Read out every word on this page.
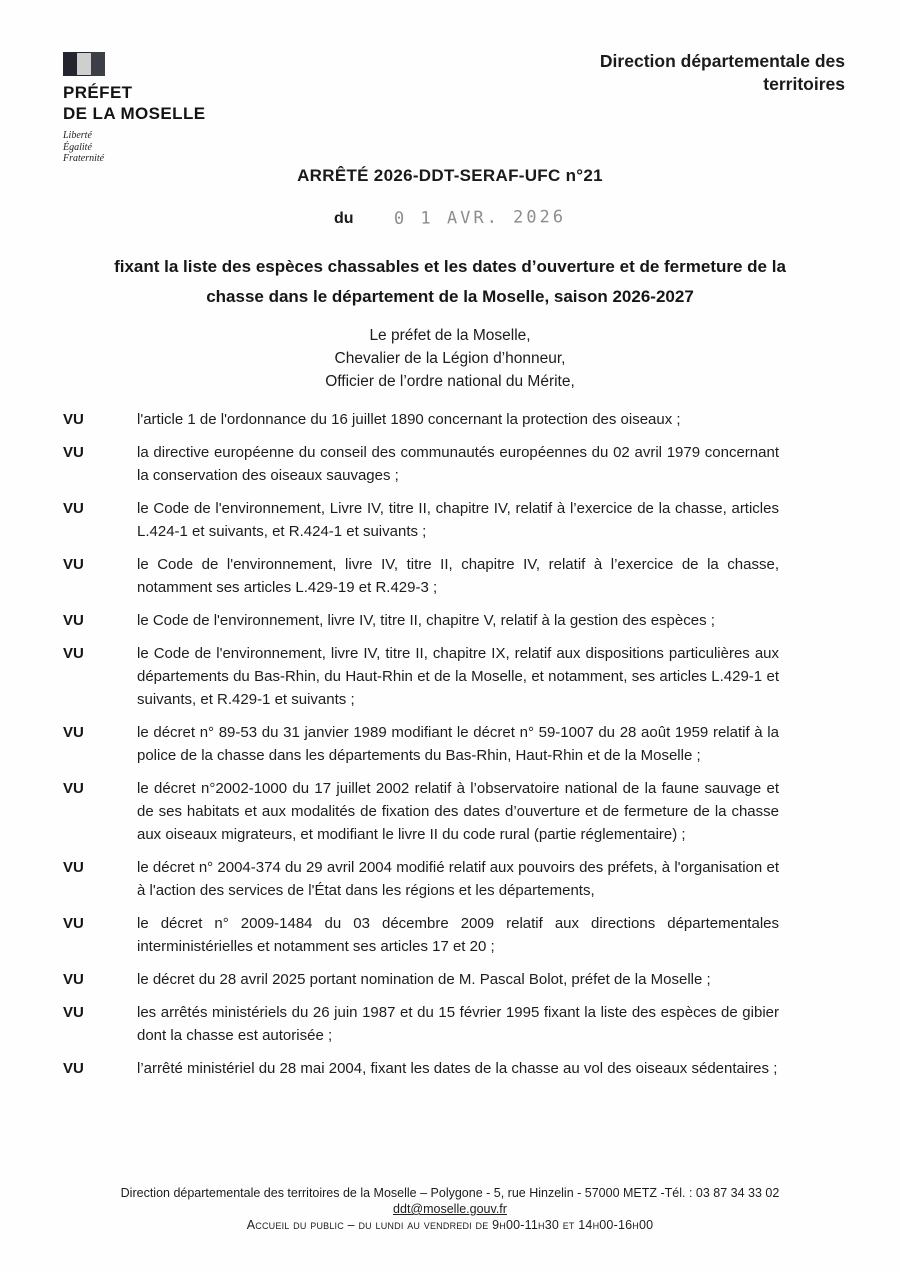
PRÉFET
DE LA MOSELLE
Liberté
Égalité
Fraternité
Direction départementale des
territoires
ARRÊTÉ 2026-DDT-SERAF-UFC n°21
du 0 1 AVR. 2026
fixant la liste des espèces chassables et les dates d’ouverture et de fermeture de la
chasse dans le département de la Moselle, saison 2026-2027
Le préfet de la Moselle,
Chevalier de la Légion d’honneur,
Officier de l’ordre national du Mérite,
VU	l'article 1 de l'ordonnance du 16 juillet 1890 concernant la protection des oiseaux ;
VU	la directive européenne du conseil des communautés européennes du 02 avril 1979 concernant la conservation des oiseaux sauvages ;
VU	le Code de l'environnement, Livre IV, titre II, chapitre IV, relatif à l’exercice de la chasse, articles L.424-1 et suivants, et R.424-1 et suivants ;
VU	le Code de l'environnement, livre IV, titre II, chapitre IV, relatif à l’exercice de la chasse, notamment ses articles L.429-19 et R.429-3 ;
VU	le Code de l'environnement, livre IV, titre II, chapitre V, relatif à la gestion des espèces ;
VU	le Code de l'environnement, livre IV, titre II, chapitre IX, relatif aux dispositions particulières aux départements du Bas-Rhin, du Haut-Rhin et de la Moselle, et notamment, ses articles L.429-1 et suivants, et R.429-1 et suivants ;
VU	le décret n° 89-53 du 31 janvier 1989 modifiant le décret n° 59-1007 du 28 août 1959 relatif à la police de la chasse dans les départements du Bas-Rhin, Haut-Rhin et de la Moselle ;
VU	le décret n°2002-1000 du 17 juillet 2002 relatif à l’observatoire national de la faune sauvage et de ses habitats et aux modalités de fixation des dates d’ouverture et de fermeture de la chasse aux oiseaux migrateurs, et modifiant le livre II du code rural (partie réglementaire) ;
VU	le décret n° 2004-374 du 29 avril 2004 modifié relatif aux pouvoirs des préfets, à l'organisation et à l'action des services de l'État dans les régions et les départements,
VU	le décret n° 2009-1484 du 03 décembre 2009 relatif aux directions départementales interministérielles et notamment ses articles 17 et 20 ;
VU	le décret du 28 avril 2025 portant nomination de M. Pascal Bolot, préfet de la Moselle ;
VU	les arrêtés ministériels du 26 juin 1987 et du 15 février 1995 fixant la liste des espèces de gibier dont la chasse est autorisée ;
VU	l’arrêté ministériel du 28 mai 2004, fixant les dates de la chasse au vol des oiseaux sédentaires ;
Direction départementale des territoires de la Moselle – Polygone - 5, rue Hinzelin - 57000 METZ -Tél. : 03 87 34 33 02
ddt@moselle.gouv.fr
Accueil du public – du lundi au vendredi de 9h00-11h30 et 14h00-16h00
